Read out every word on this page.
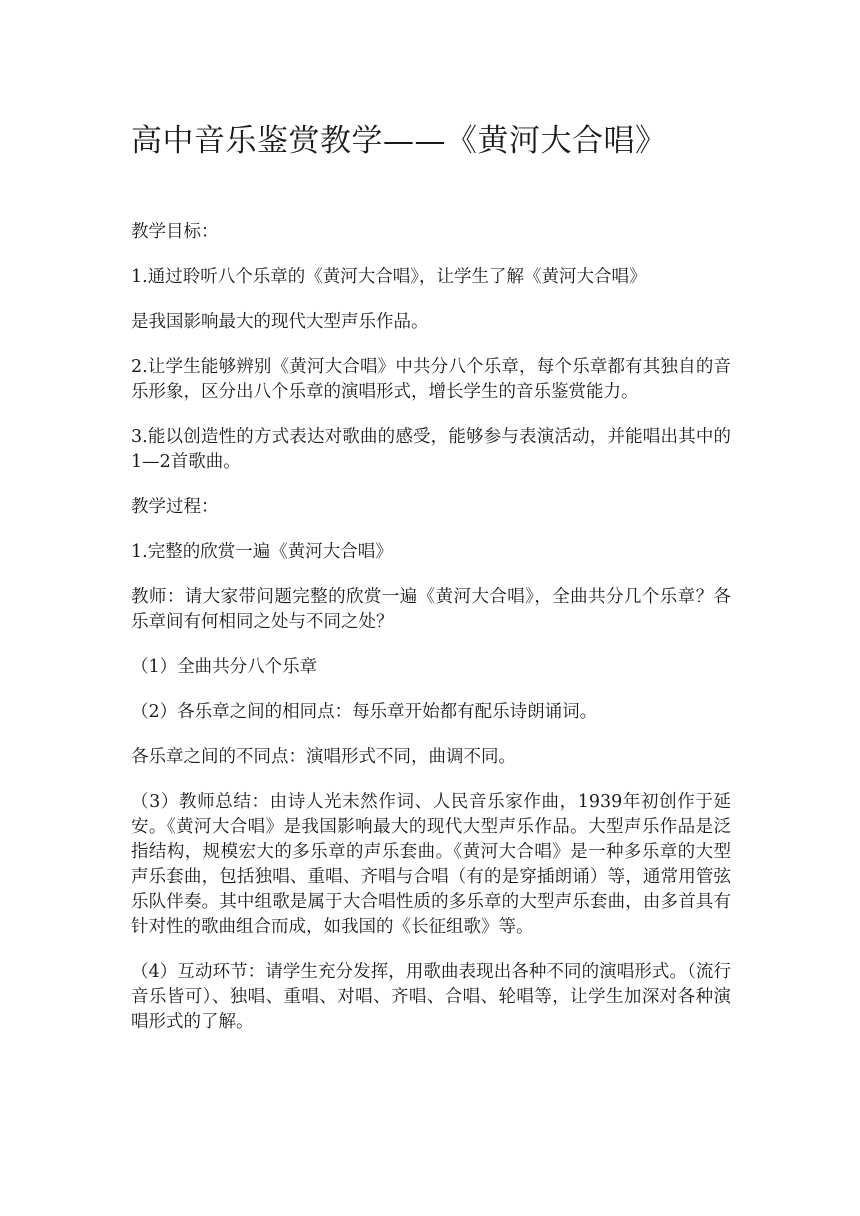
高中音乐鉴赏教学——《黄河大合唱》

教学目标：

1.通过聆听八个乐章的《黄河大合唱》，让学生了解《黄河大合唱》

是我国影响最大的现代大型声乐作品。

2.让学生能够辨别《黄河大合唱》中共分八个乐章，每个乐章都有其独自的音乐形象，区分出八个乐章的演唱形式，增长学生的音乐鉴赏能力。

3.能以创造性的方式表达对歌曲的感受，能够参与表演活动，并能唱出其中的1—2首歌曲。

教学过程：

1.完整的欣赏一遍《黄河大合唱》

教师：请大家带问题完整的欣赏一遍《黄河大合唱》，全曲共分几个乐章？各乐章间有何相同之处与不同之处？

（1）全曲共分八个乐章

（2）各乐章之间的相同点：每乐章开始都有配乐诗朗诵词。

各乐章之间的不同点：演唱形式不同，曲调不同。

（3）教师总结：由诗人光未然作词、人民音乐家作曲，1939年初创作于延安。《黄河大合唱》是我国影响最大的现代大型声乐作品。大型声乐作品是泛指结构，规模宏大的多乐章的声乐套曲。《黄河大合唱》是一种多乐章的大型声乐套曲，包括独唱、重唱、齐唱与合唱（有的是穿插朗诵）等，通常用管弦乐队伴奏。其中组歌是属于大合唱性质的多乐章的大型声乐套曲，由多首具有针对性的歌曲组合而成，如我国的《长征组歌》等。

（4）互动环节：请学生充分发挥，用歌曲表现出各种不同的演唱形式。（流行音乐皆可）、独唱、重唱、对唱、齐唱、合唱、轮唱等，让学生加深对各种演唱形式的了解。
